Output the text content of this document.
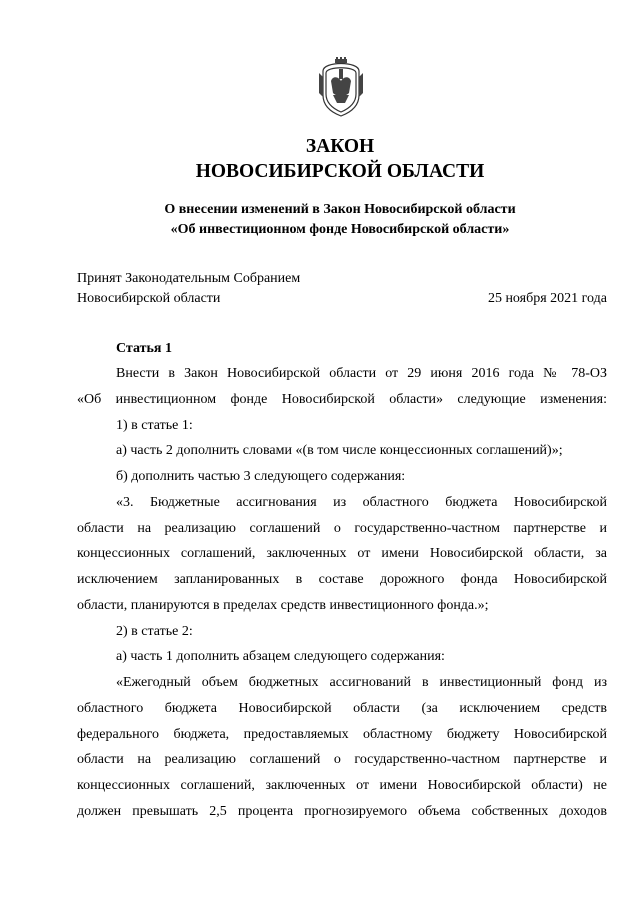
ЗАКОН
НОВОСИБИРСКОЙ ОБЛАСТИ
О внесении изменений в Закон Новосибирской области
«Об инвестиционном фонде Новосибирской области»
Принят Законодательным Собранием
Новосибирской области	25 ноября 2021 года
Статья 1
Внести в Закон Новосибирской области от 29 июня 2016 года № 78-ОЗ
«Об инвестиционном фонде Новосибирской области» следующие изменения:
1) в статье 1:
а) часть 2 дополнить словами «(в том числе концессионных соглашений)»;
б) дополнить частью 3 следующего содержания:
«3. Бюджетные ассигнования из областного бюджета Новосибирской
области на реализацию соглашений о государственно-частном партнерстве и
концессионных соглашений, заключенных от имени Новосибирской области, за
исключением запланированных в составе дорожного фонда Новосибирской
области, планируются в пределах средств инвестиционного фонда.»;
2) в статье 2:
а) часть 1 дополнить абзацем следующего содержания:
«Ежегодный объем бюджетных ассигнований в инвестиционный фонд из
областного бюджета Новосибирской области (за исключением средств
федерального бюджета, предоставляемых областному бюджету Новосибирской
области на реализацию соглашений о государственно-частном партнерстве и
концессионных соглашений, заключенных от имени Новосибирской области) не
должен превышать 2,5 процента прогнозируемого объема собственных доходов
